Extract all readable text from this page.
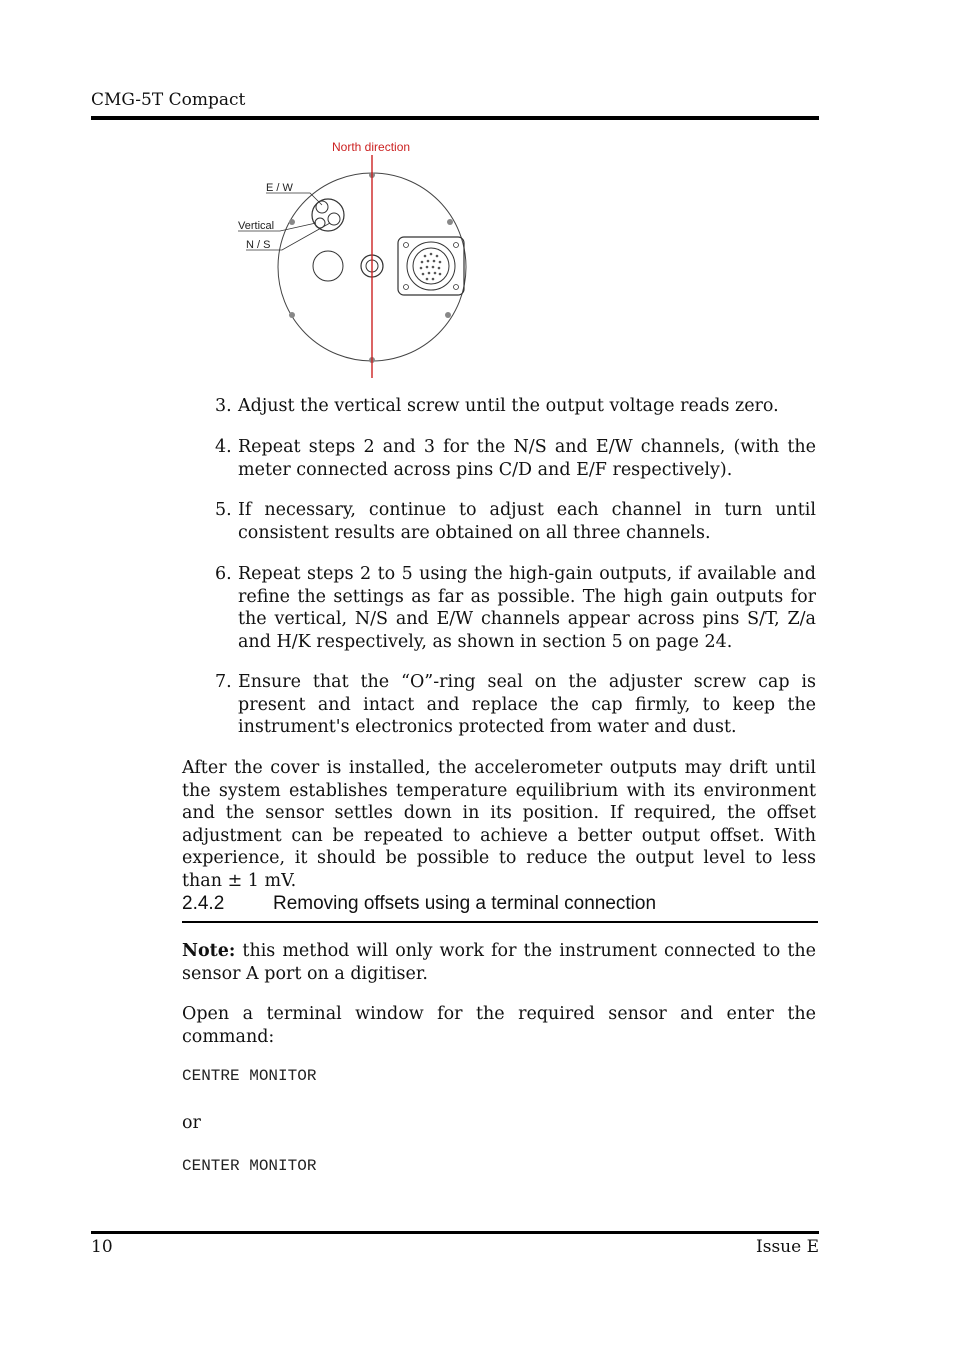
CMG-5T Compact
North direction
E / W
Vertical
N / S
3. Adjust the vertical screw until the output voltage reads zero.
4. Repeat steps 2 and 3 for the N/S and E/W channels, (with the meter connected across pins C/D and E/F respectively).
5. If necessary, continue to adjust each channel in turn until consistent results are obtained on all three channels.
6. Repeat steps 2 to 5 using the high-gain outputs, if available and refine the settings as far as possible. The high gain outputs for the vertical, N/S and E/W channels appear across pins S/T, Z/a and H/K respectively, as shown in section 5 on page 24.
7. Ensure that the “O”-ring seal on the adjuster screw cap is present and intact and replace the cap firmly, to keep the instrument's electronics protected from water and dust.
After the cover is installed, the accelerometer outputs may drift until the system establishes temperature equilibrium with its environment and the sensor settles down in its position. If required, the offset adjustment can be repeated to achieve a better output offset. With experience, it should be possible to reduce the output level to less than ± 1 mV.
2.4.2	Removing offsets using a terminal connection
Note: this method will only work for the instrument connected to the sensor A port on a digitiser.
Open a terminal window for the required sensor and enter the command:
CENTRE MONITOR
or
CENTER MONITOR
10	Issue E
